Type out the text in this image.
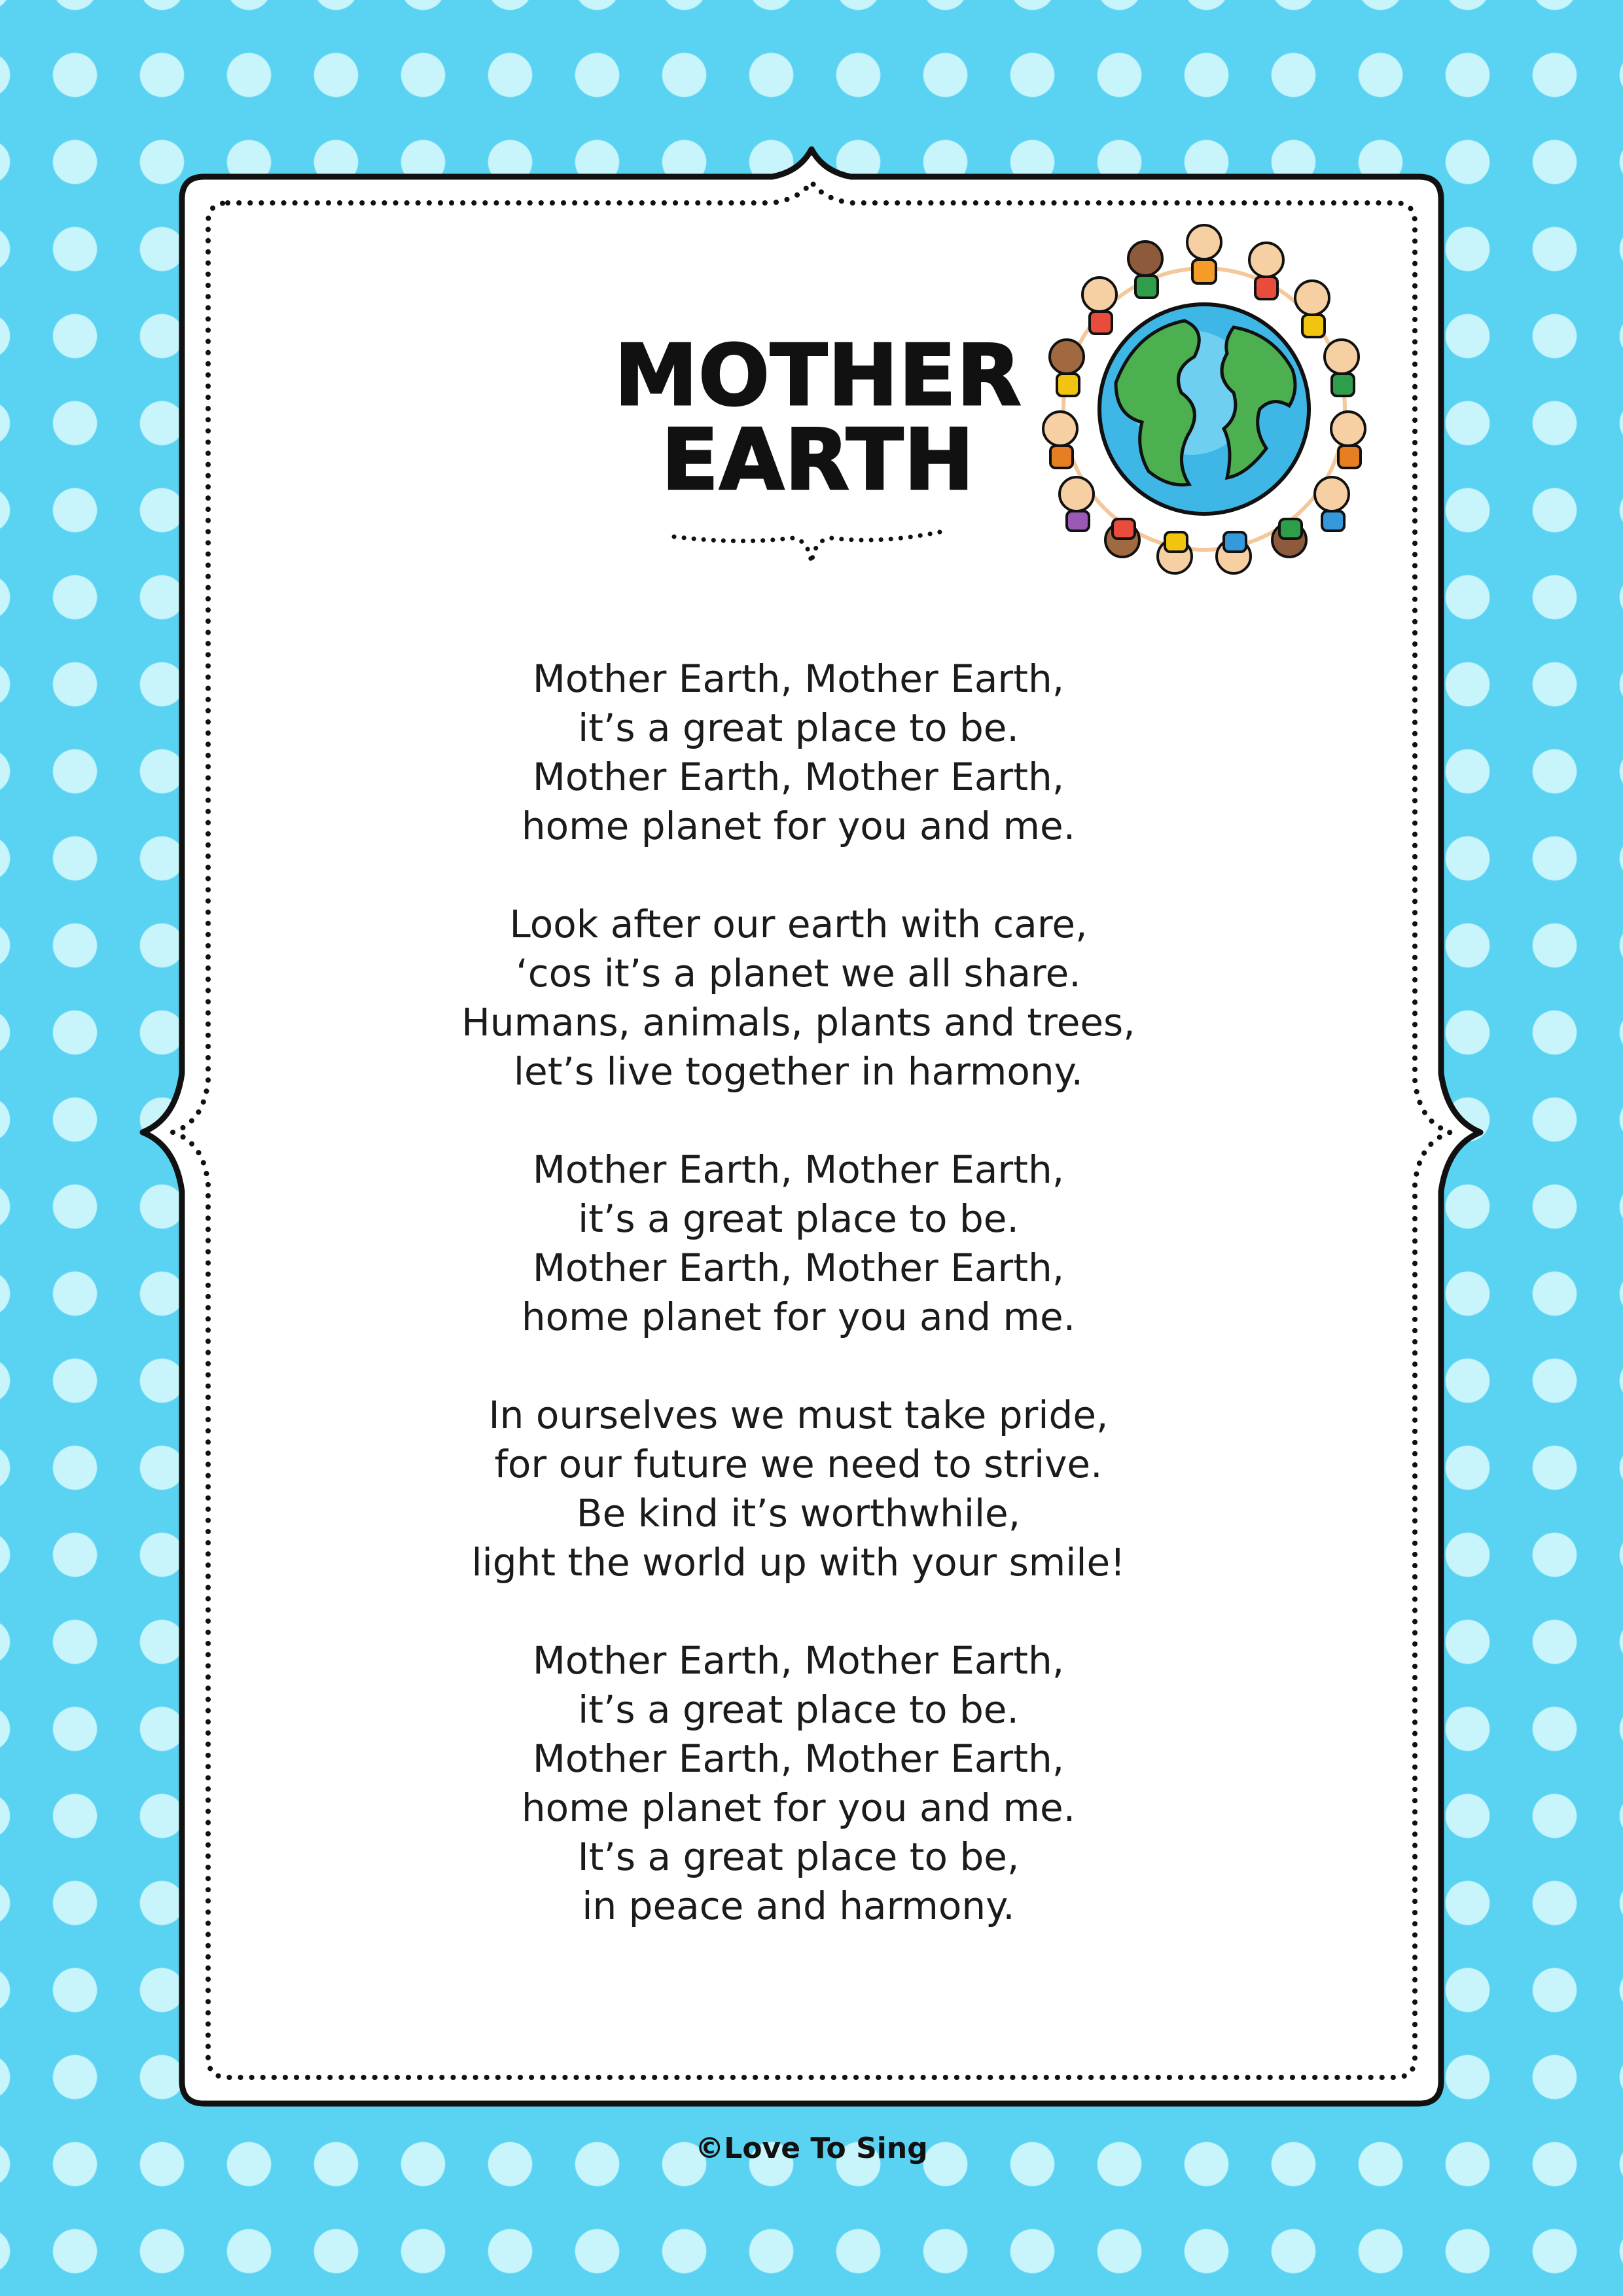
MOTHER
EARTH
Mother Earth, Mother Earth,
it’s a great place to be.
Mother Earth, Mother Earth,
home planet for you and me.
Look after our earth with care,
‘cos it’s a planet we all share.
Humans, animals, plants and trees,
let’s live together in harmony.
Mother Earth, Mother Earth,
it’s a great place to be.
Mother Earth, Mother Earth,
home planet for you and me.
In ourselves we must take pride,
for our future we need to strive.
Be kind it’s worthwhile,
light the world up with your smile!
Mother Earth, Mother Earth,
it’s a great place to be.
Mother Earth, Mother Earth,
home planet for you and me.
It’s a great place to be,
in peace and harmony.
©Love To Sing
